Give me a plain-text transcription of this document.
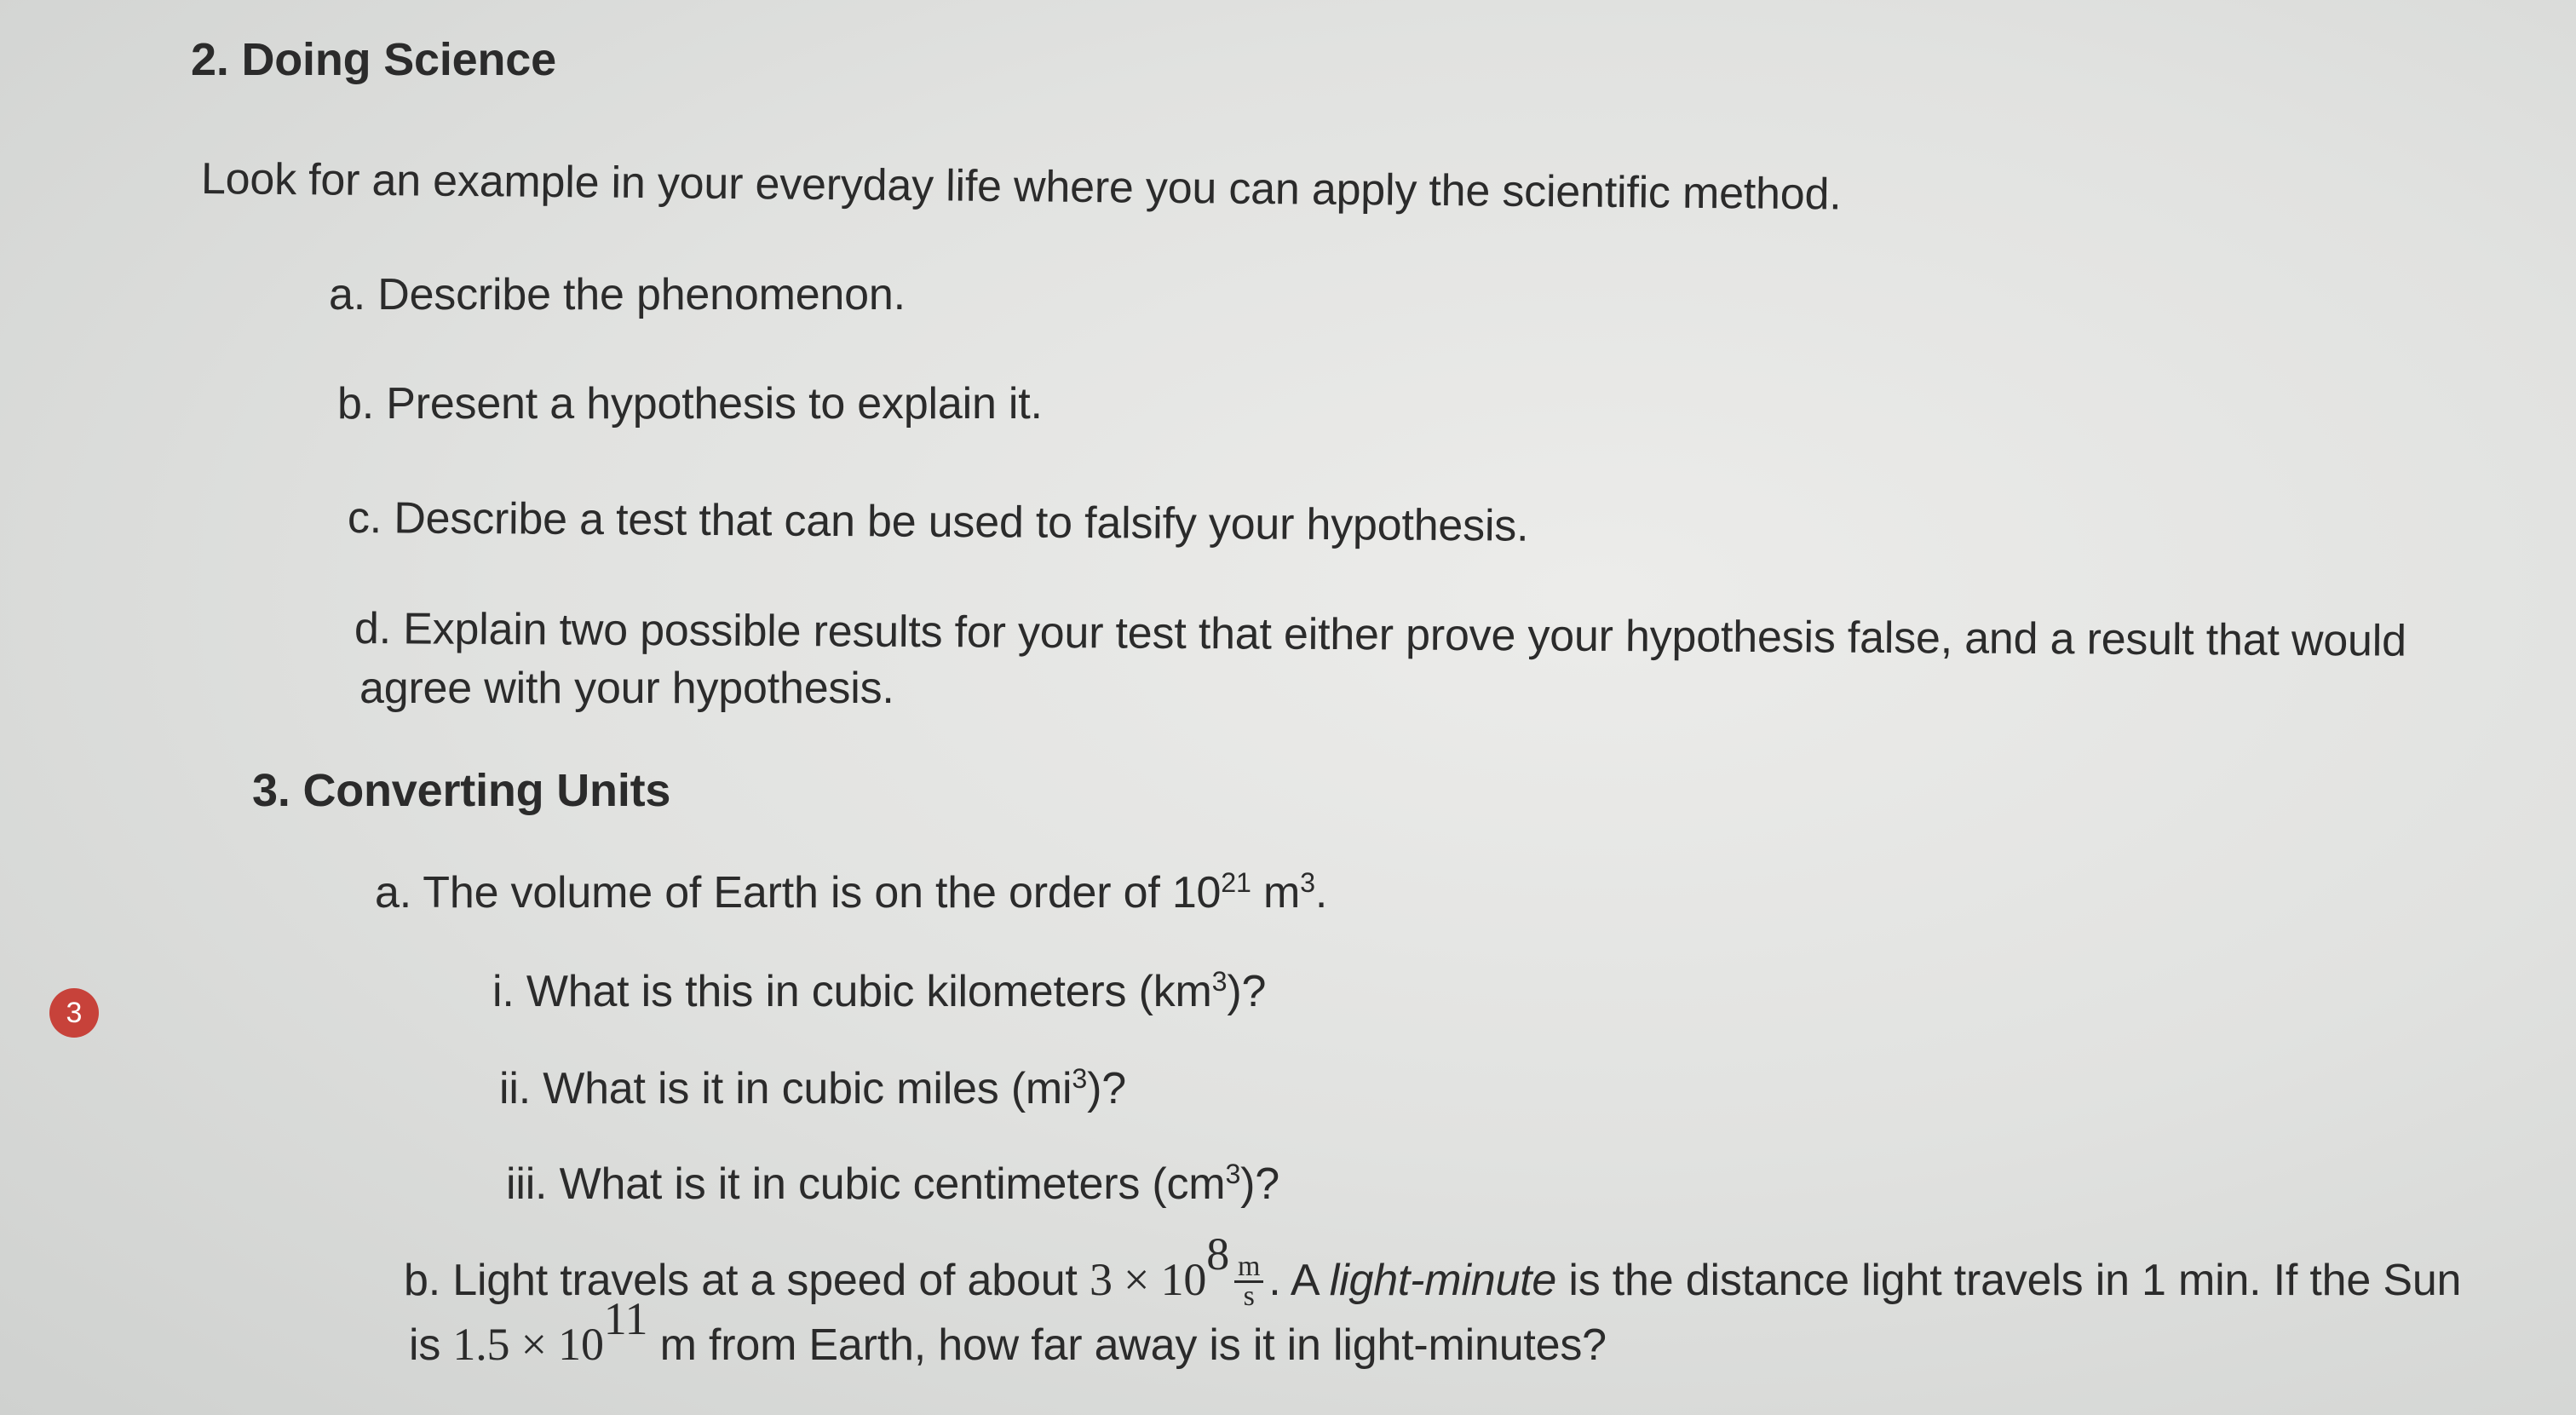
3
2. Doing Science
Look for an example in your everyday life where you can apply the scientific method.
a. Describe the phenomenon.
b. Present a hypothesis to explain it.
c. Describe a test that can be used to falsify your hypothesis.
d. Explain two possible results for your test that either prove your hypothesis false, and a result that would
agree with your hypothesis.
3. Converting Units
a. The volume of Earth is on the order of $10^{21}$ $m^3$.
i. What is this in cubic kilometers $(km^3)$?
ii. What is it in cubic miles $(mi^3)$?
iii. What is it in cubic centimeters $(cm^3)$?
b. Light travels at a speed of about $3 \times 10^8 \frac{m}{s}$ . A light-minute is the distance light travels in 1 min. If the Sun
is $1.5 \times 10^{11}$ m from Earth, how far away is it in light-minutes?
